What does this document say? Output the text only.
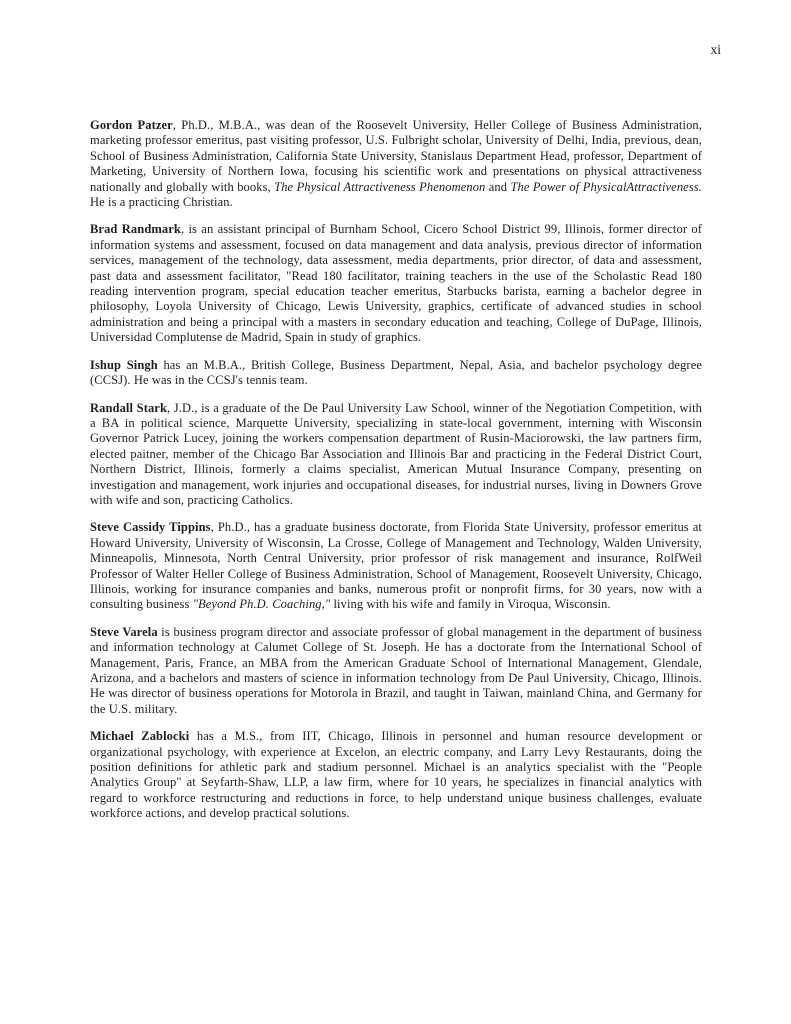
xi

Gordon Patzer, Ph.D., M.B.A., was dean of the Roosevelt University, Heller College of Business Administration, marketing professor emeritus, past visiting professor, U.S. Fulbright scholar, University of Delhi, India, previous, dean, School of Business Administration, California State University, Stanislaus Department Head, professor, Department of Marketing, University of Northern Iowa, focusing his scientific work and presentations on physical attractiveness nationally and globally with books, The Physical Attractiveness Phenomenon and The Power of PhysicalAttractiveness. He is a practicing Christian.

Brad Randmark, is an assistant principal of Burnham School, Cicero School District 99, Illinois, former director of information systems and assessment, focused on data management and data analysis, previous director of information services, management of the technology, data assessment, media departments, prior director, of data and assessment, past data and assessment facilitator, "Read 180 facilitator, training teachers in the use of the Scholastic Read 180 reading intervention program, special education teacher emeritus, Starbucks barista, earning a bachelor degree in philosophy, Loyola University of Chicago, Lewis University, graphics, certificate of advanced studies in school administration and being a principal with a masters in secondary education and teaching, College of DuPage, Illinois, Universidad Complutense de Madrid, Spain in study of graphics.

Ishup Singh has an M.B.A., British College, Business Department, Nepal, Asia, and bachelor psychology degree (CCSJ). He was in the CCSJ's tennis team.

Randall Stark, J.D., is a graduate of the De Paul University Law School, winner of the Negotiation Competition, with a BA in political science, Marquette University, specializing in state-local government, interning with Wisconsin Governor Patrick Lucey, joining the workers compensation department of Rusin-Maciorowski, the law partners firm, elected paitner, member of the Chicago Bar Association and Illinois Bar and practicing in the Federal District Court, Northern District, Illinois, formerly a claims specialist, American Mutual Insurance Company, presenting on investigation and management, work injuries and occupational diseases, for industrial nurses, living in Downers Grove with wife and son, practicing Catholics.

Steve Cassidy Tippins, Ph.D., has a graduate business doctorate, from Florida State University, professor emeritus at Howard University, University of Wisconsin, La Crosse, College of Management and Technology, Walden University, Minneapolis, Minnesota, North Central University, prior professor of risk management and insurance, RolfWeil Professor of Walter Heller College of Business Administration, School of Management, Roosevelt University, Chicago, Illinois, working for insurance companies and banks, numerous profit or nonprofit firms, for 30 years, now with a consulting business "Beyond Ph.D. Coaching," living with his wife and family in Viroqua, Wisconsin.

Steve Varela is business program director and associate professor of global management in the department of business and information technology at Calumet College of St. Joseph. He has a doctorate from the International School of Management, Paris, France, an MBA from the American Graduate School of International Management, Glendale, Arizona, and a bachelors and masters of science in information technology from De Paul University, Chicago, Illinois. He was director of business operations for Motorola in Brazil, and taught in Taiwan, mainland China, and Germany for the U.S. military.

Michael Zablocki has a M.S., from IIT, Chicago, Illinois in personnel and human resource development or organizational psychology, with experience at Excelon, an electric company, and Larry Levy Restaurants, doing the position definitions for athletic park and stadium personnel. Michael is an analytics specialist with the "People Analytics Group" at Seyfarth-Shaw, LLP, a law firm, where for 10 years, he specializes in financial analytics with regard to workforce restructuring and reductions in force, to help understand unique business challenges, evaluate workforce actions, and develop practical solutions.
